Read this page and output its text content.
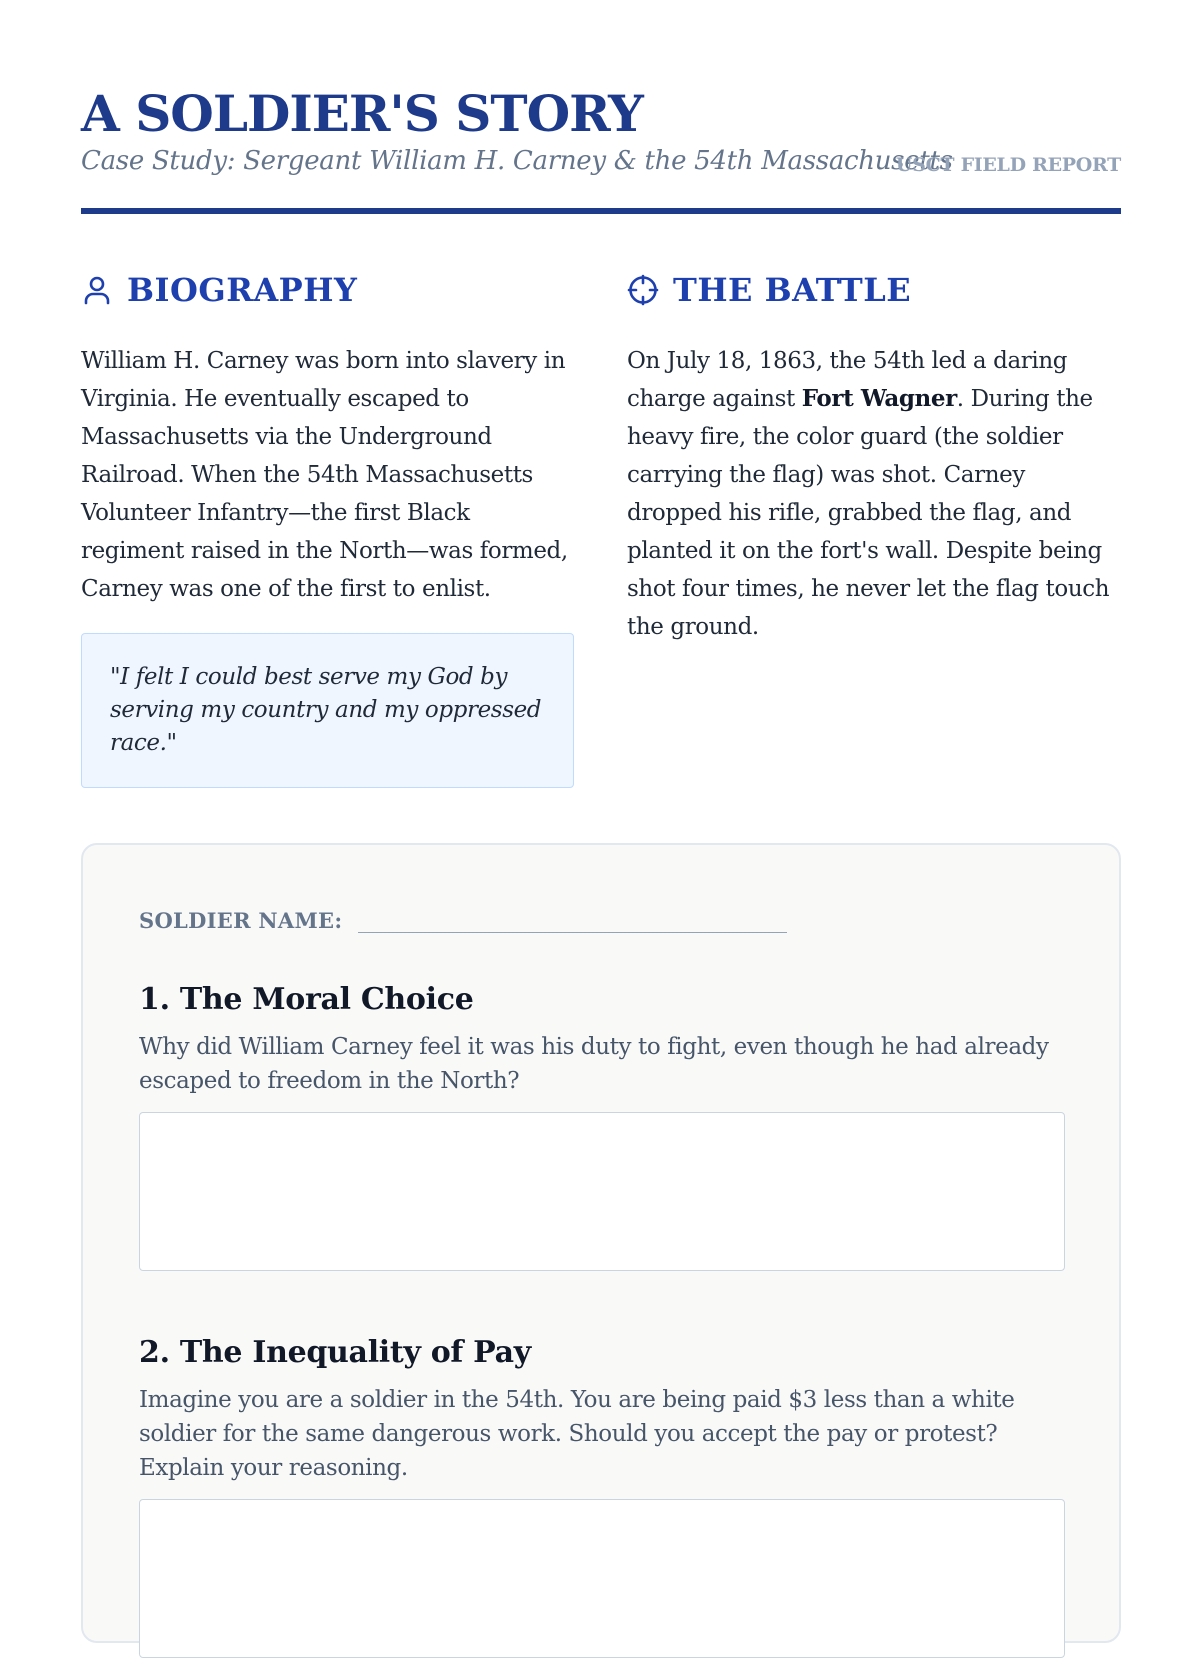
A SOLDIER'S STORY
Case Study: Sergeant William H. Carney & the 54th Massachusetts
USCT FIELD REPORT
BIOGRAPHY

William H. Carney was born into slavery in Virginia. He eventually escaped to Massachusetts via the Underground Railroad. When the 54th Massachusetts Volunteer Infantry—the first Black regiment raised in the North—was formed, Carney was one of the first to enlist.

"I felt I could best serve my God by serving my country and my oppressed race."

THE BATTLE

On July 18, 1863, the 54th led a daring charge against Fort Wagner. During the heavy fire, the color guard (the soldier carrying the flag) was shot. Carney dropped his rifle, grabbed the flag, and planted it on the fort's wall. Despite being shot four times, he never let the flag touch the ground.

SOLDIER NAME:
1. The Moral Choice

Why did William Carney feel it was his duty to fight, even though he had already escaped to freedom in the North?

2. The Inequality of Pay

Imagine you are a soldier in the 54th. You are being paid $3 less than a white soldier for the same dangerous work. Should you accept the pay or protest? Explain your reasoning.
